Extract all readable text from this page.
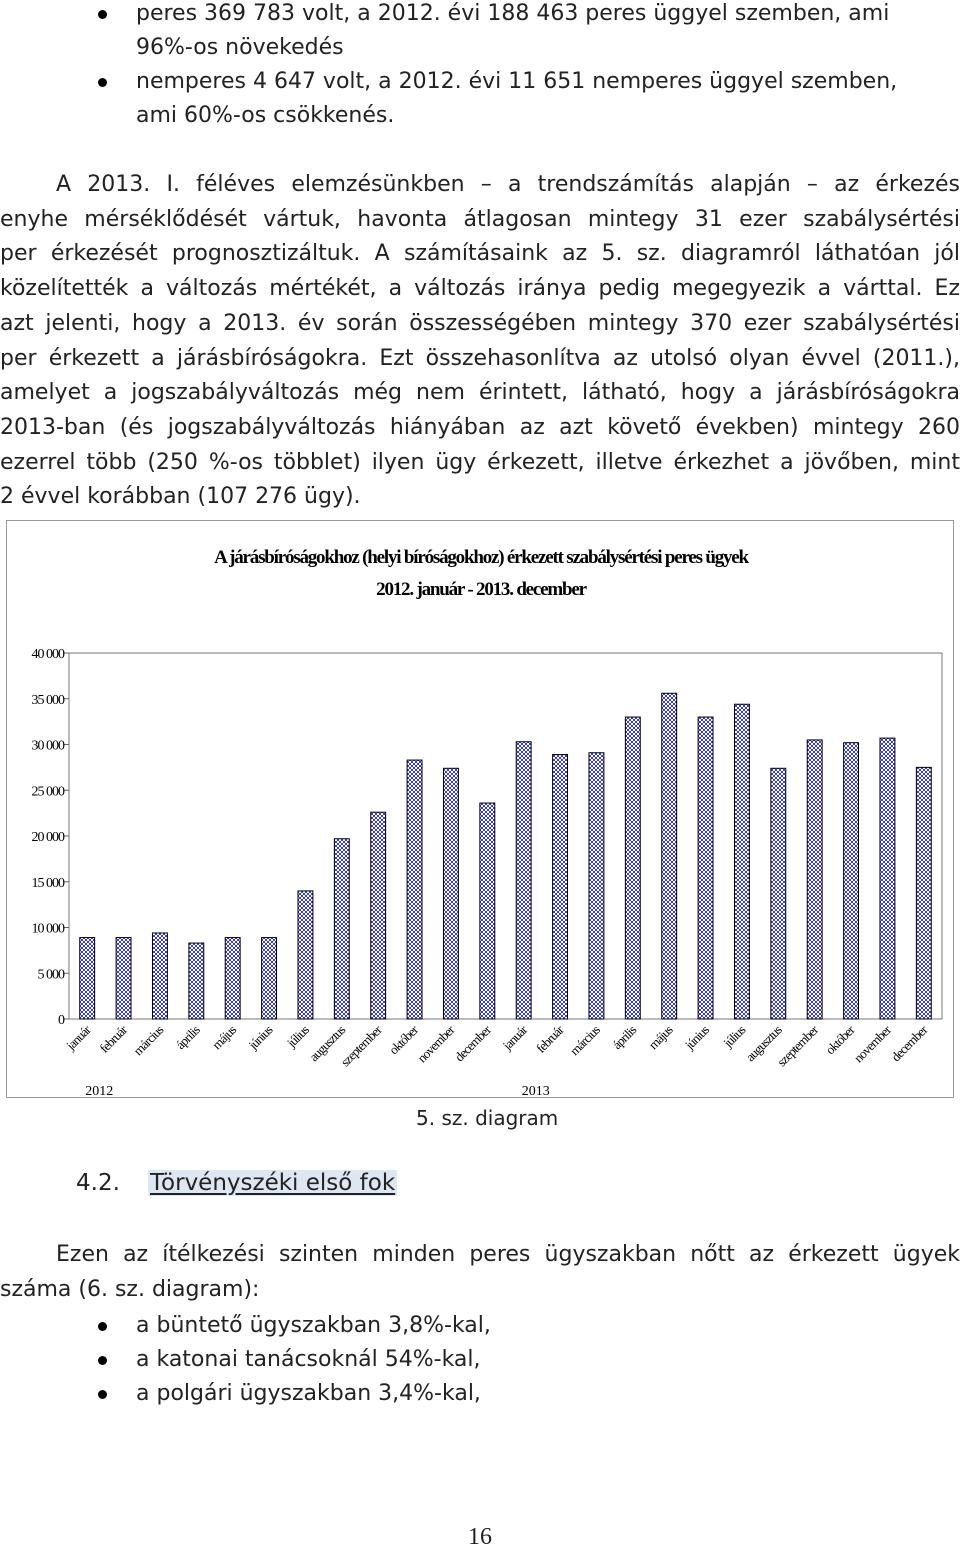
peres 369 783 volt, a 2012. évi 188 463 peres üggyel szemben, ami
96%-os növekedés
nemperes 4 647 volt, a 2012. évi 11 651 nemperes üggyel szemben,
ami 60%-os csökkenés.
A 2013. I. féléves elemzésünkben – a trendszámítás alapján – az érkezés
enyhe mérséklődését vártuk, havonta átlagosan mintegy 31 ezer szabálysértési
per érkezését prognosztizáltuk. A számításaink az 5. sz. diagramról láthatóan jól
közelítették a változás mértékét, a változás iránya pedig megegyezik a várttal. Ez
azt jelenti, hogy a 2013. év során összességében mintegy 370 ezer szabálysértési
per érkezett a járásbíróságokra. Ezt összehasonlítva az utolsó olyan évvel (2011.),
amelyet a jogszabályváltozás még nem érintett, látható, hogy a járásbíróságokra
2013-ban (és jogszabályváltozás hiányában az azt követő években) mintegy 260
ezerrel több (250 %-os többlet) ilyen ügy érkezett, illetve érkezhet a jövőben, mint
2 évvel korábban (107 276 ügy).
A járásbíróságokhoz (helyi bíróságokhoz) érkezett szabálysértési peres ügyek
2012. január - 2013. december
0
5 000
10 000
15 000
20 000
25 000
30 000
35 000
40 000
január február március április május június július
augusztus
szeptember október
november
december január február március április május június július
augusztus
szeptember október
november
december
2012	2013
5. sz. diagram
4.2. Törvényszéki első fok
Ezen az ítélkezési szinten minden peres ügyszakban nőtt az érkezett ügyek
száma (6. sz. diagram):
a büntető ügyszakban 3,8%-kal,
a katonai tanácsoknál 54%-kal,
a polgári ügyszakban 3,4%-kal,
16
